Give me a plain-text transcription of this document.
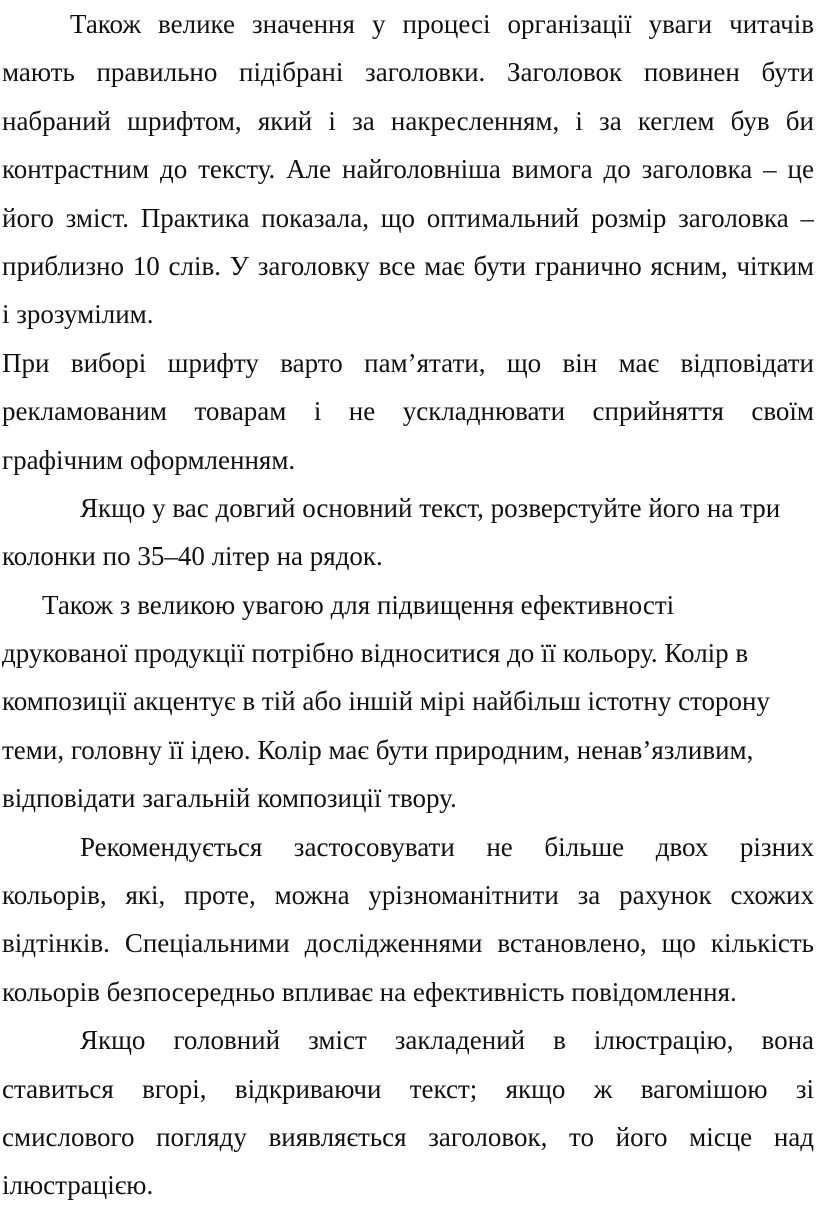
Також велике значення у процесі організації уваги читачів
мають правильно підібрані заголовки. Заголовок повинен бути
набраний шрифтом, який і за накресленням, і за кеглем був би
контрастним до тексту. Але найголовніша вимога до заголовка – це
його зміст. Практика показала, що оптимальний розмір заголовка –
приблизно 10 слів. У заголовку все має бути гранично ясним, чітким
і зрозумілим.
При виборі шрифту варто пам’ятати, що він має відповідати
рекламованим товарам і не ускладнювати сприйняття своїм
графічним оформленням.
Якщо у вас довгий основний текст, розверстуйте його на три
колонки по 35–40 літер на рядок.
Також з великою увагою для підвищення ефективності
друкованої продукції потрібно відноситися до її кольору. Колір в
композиції акцентує в тій або іншій мірі найбільш істотну сторону
теми, головну її ідею. Колір має бути природним, ненав’язливим,
відповідати загальній композиції твору.
Рекомендується застосовувати не більше двох різних
кольорів, які, проте, можна урізноманітнити за рахунок схожих
відтінків. Спеціальними дослідженнями встановлено, що кількість
кольорів безпосередньо впливає на ефективність повідомлення.
Якщо головний зміст закладений в ілюстрацію, вона
ставиться вгорі, відкриваючи текст; якщо ж вагомішою зі
смислового погляду виявляється заголовок, то його місце над
ілюстрацією.
